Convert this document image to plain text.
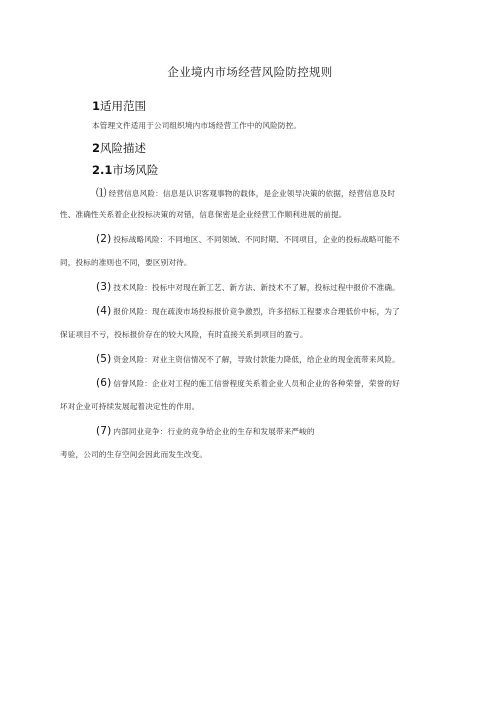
企业境内市场经营风险防控规则
1适用范围
本管理文件适用于公司组织境内市场经营工作中的风险防控。
2风险描述
2.1市场风险
⑴ 经营信息风险：信息是认识客观事物的载体，是企业领导决策的依据，经营信息及时
性、准确性关系着企业投标决策的对错，信息保密是企业经营工作顺利进展的前提。
(2) 投标战略风险：不同地区、不同领域、不同时期、不同项目，企业的投标战略可能不
同，投标的准则也不同，要区别对待。
(3) 技术风险：投标中对现在新工艺、新方法、新技术不了解，投标过程中报价不准确。
(4) 报价风险：现在疏浚市场投标报价竞争激烈，许多招标工程要求合理低价中标，为了
保证项目不亏，投标报价存在的较大风险，有时直接关系到项目的盈亏。
(5) 资金风险：对业主资信情况不了解，导致付款能力降低，给企业的现金流带来风险。
(6) 信誉风险：企业对工程的施工信誉程度关系着企业人员和企业的各种荣誉，荣誉的好
坏对企业可持续发展起着决定性的作用。
(7) 内部同业竞争：行业的竞争给企业的生存和发展带来严峻的
考验，公司的生存空间会因此而发生改变。
